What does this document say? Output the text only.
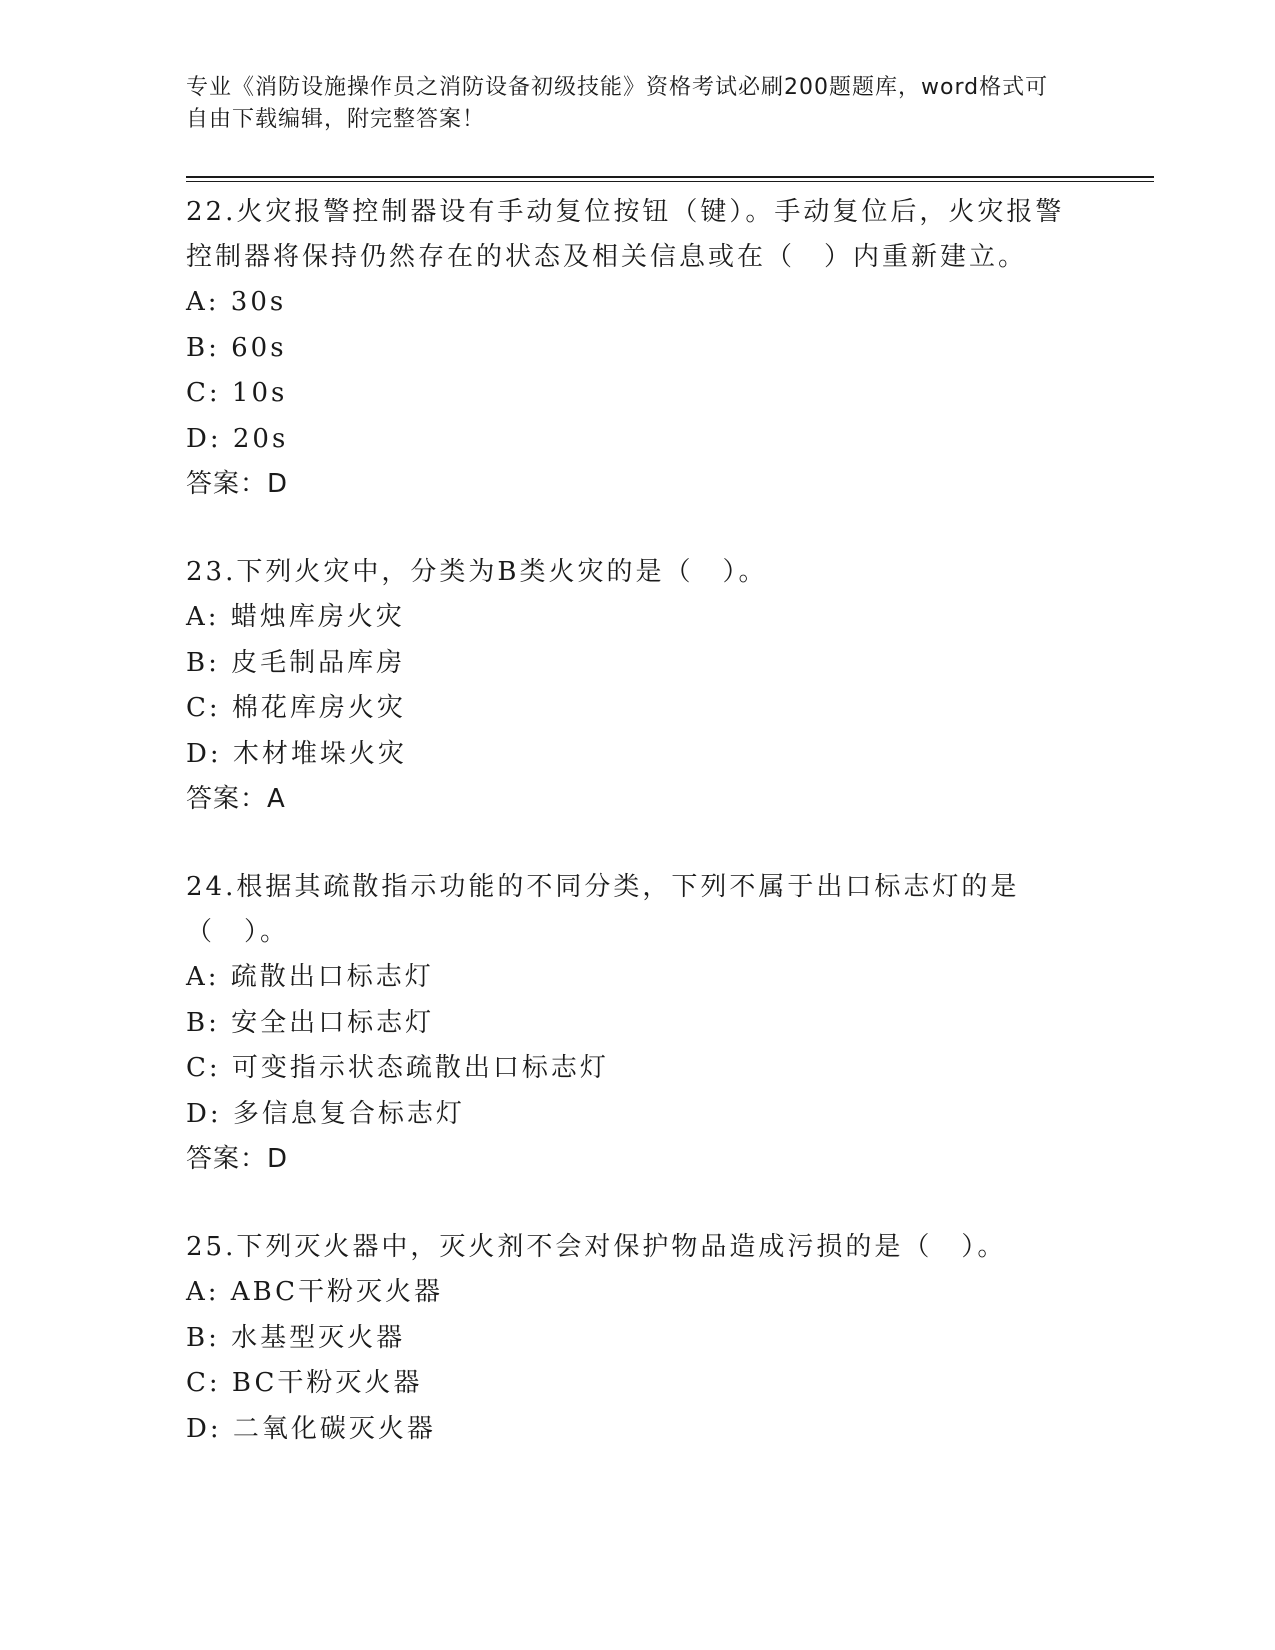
专业《消防设施操作员之消防设备初级技能》资格考试必刷200题题库，word格式可自由下载编辑，附完整答案！

22.火灾报警控制器设有手动复位按钮（键）。手动复位后，火灾报警控制器将保持仍然存在的状态及相关信息或在（　）内重新建立。

A: 30s

B: 60s

C: 10s

D: 20s

答案：D

23.下列火灾中，分类为B类火灾的是（　）。

A: 蜡烛库房火灾

B: 皮毛制品库房

C: 棉花库房火灾

D: 木材堆垛火灾

答案：A

24.根据其疏散指示功能的不同分类，下列不属于出口标志灯的是（　）。

A: 疏散出口标志灯

B: 安全出口标志灯

C: 可变指示状态疏散出口标志灯

D: 多信息复合标志灯

答案：D

25.下列灭火器中，灭火剂不会对保护物品造成污损的是（　）。

A: ABC干粉灭火器

B: 水基型灭火器

C: BC干粉灭火器

D: 二氧化碳灭火器
